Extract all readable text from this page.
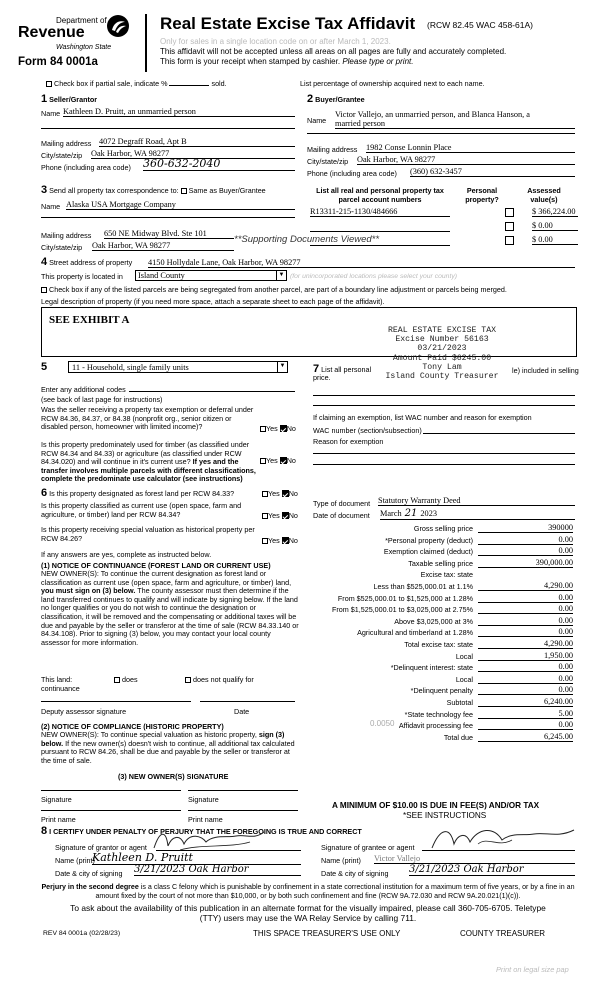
Department of
Revenue
Washington State
Form 84 0001a
Real Estate Excise Tax Affidavit (RCW 82.45 WAC 458-61A)
Only for sales in a single location code on or after March 1, 2023.
This affidavit will not be accepted unless all areas on all pages are fully and accurately completed.
This form is your receipt when stamped by cashier. Please type or print.
Check box if partial sale, indicate %	sold.	List percentage of ownership acquired next to each name.
1 Seller/Grantor
Name Kathleen D. Pruitt, an unmarried person
Mailing address 4072 Degraff Road, Apt B
City/state/zip Oak Harbor, WA 98277
Phone (including area code) 360-632-2040
2 Buyer/Grantee
Name
Victor Vallejo, an unmarried person, and Blanca Hanson, a
married person
Mailing address 1982 Conse Lonnin Place
City/state/zip Oak Harbor, WA 98277
Phone (including area code) (360) 632-3457
3 Send all property tax correspondence to: Same as Buyer/Grantee
Name Alaska USA Mortgage Company
Mailing address 650 NE Midway Blvd. Ste 101
City/state/zip Oak Harbor, WA 98277
**Supporting Documents Viewed**
List all real and personal property tax
parcel account numbers
Personal
property?
Assessed
value(s)
R13311-215-1130/484666	$ 366,224.00
$ 0.00
$ 0.00
4 Street address of property 4150 Hollydale Lane, Oak Harbor, WA 98277
This property is located in	Island County	▼ (for unincorporated locations please select your county)
Check box if any of the listed parcels are being segregated from another parcel, are part of a boundary line adjustment or parcels being merged.
Legal description of property (if you need more space, attach a separate sheet to each page of the affidavit).
SEE EXHIBIT A
REAL ESTATE EXCISE TAX
Excise Number 56163
03/21/2023
Amount Paid $6245.00
Tony Lam
Island County Treasurer
5	11 - Household, single family units	▼
Enter any additional codes
(see back of last page for instructions)
Was the seller receiving a property tax exemption or deferral under RCW 84.36, 84.37, or 84.38 (nonprofit org., senior citizen or disabled person, homeowner with limited income)?	Yes No
Is this property predominately used for timber (as classified under RCW 84.34 and 84.33) or agriculture (as classified under RCW 84.34.020) and will continue in it's current use? If yes and the transfer involves multiple parcels with different classifications, complete the predominate use calculator (see instructions)
Yes No
7 List all personal
price.
le) included in selling
If claiming an exemption, list WAC number and reason for exemption
WAC number (section/subsection)
Reason for exemption
6 Is this property designated as forest land per RCW 84.33?	Yes No
Is this property classified as current use (open space, farm and agriculture, or timber) land per RCW 84.34?	Yes No
Is this property receiving special valuation as historical property per RCW 84.26?	Yes No
If any answers are yes, complete as instructed below.
(1) NOTICE OF CONTINUANCE (FOREST LAND OR CURRENT USE)
NEW OWNER(S): To continue the current designation as forest land or classification as current use (open space, farm and agriculture, or timber) land, you must sign on (3) below. The county assessor must then determine if the land transferred continues to qualify and will indicate by signing below. If the land no longer qualifies or you do not wish to continue the designation or classification, it will be removed and the compensating or additional taxes will be due and payable by the seller or transferor at the time of sale (RCW 84.33.140 or 84.34.108). Prior to signing (3) below, you may contact your local county assessor for more information.
This land:	does	does not qualify for
continuance
Deputy assessor signature	Date
(2) NOTICE OF COMPLIANCE (HISTORIC PROPERTY)
NEW OWNER(S): To continue special valuation as historic property, sign (3) below. If the new owner(s) doesn't wish to continue, all additional tax calculated pursuant to RCW 84.26, shall be due and payable by the seller or transferor at the time of sale.
(3) NEW OWNER(S) SIGNATURE
Signature	Signature
Print name	Print name
Type of document Statutory Warranty Deed
Date of document March 21 2023
Gross selling price	390000
*Personal property (deduct)	0.00
Exemption claimed (deduct)	0.00
Taxable selling price	390,000.00
Excise tax: state
Less than $525,000.01 at 1.1%	4,290.00
From $525,000.01 to $1,525,000 at 1.28%	0.00
From $1,525,000.01 to $3,025,000 at 2.75%	0.00
Above $3,025,000 at 3%	0.00
Agricultural and timberland at 1.28%	0.00
Total excise tax: state	4,290.00
Local	1,950.00
*Delinquent interest: state	0.00
Local	0.00
*Delinquent penalty	0.00
Subtotal	6,240.00
*State technology fee	5.00
Affidavit processing fee	0.00
Total due	6,245.00
0.0050
A MINIMUM OF $10.00 IS DUE IN FEE(S) AND/OR TAX
*SEE INSTRUCTIONS
8 I CERTIFY UNDER PENALTY OF PERJURY THAT THE FOREGOING IS TRUE AND CORRECT
Signature of grantor or agent
Name (print)
Kathleen D. Pruitt
Date & city of signing 3/21/2023 Oak Harbor
Signature of grantee or agent
Name (print) Victor Vallejo
Date & city of signing 3/21/2023 Oak Harbor
Perjury in the second degree is a class C felony which is punishable by confinement in a state correctional institution for a maximum term of five years, or by a fine in an amount fixed by the court of not more than $10,000, or by both such confinement and fine (RCW 9A.72.030 and RCW 9A.20.021(1)(c)).
To ask about the availability of this publication in an alternate format for the visually impaired, please call 360-705-6705. Teletype
(TTY) users may use the WA Relay Service by calling 711.
REV 84 0001a (02/28/23)	THIS SPACE TREASURER'S USE ONLY	COUNTY TREASURER
Print on legal size pap
